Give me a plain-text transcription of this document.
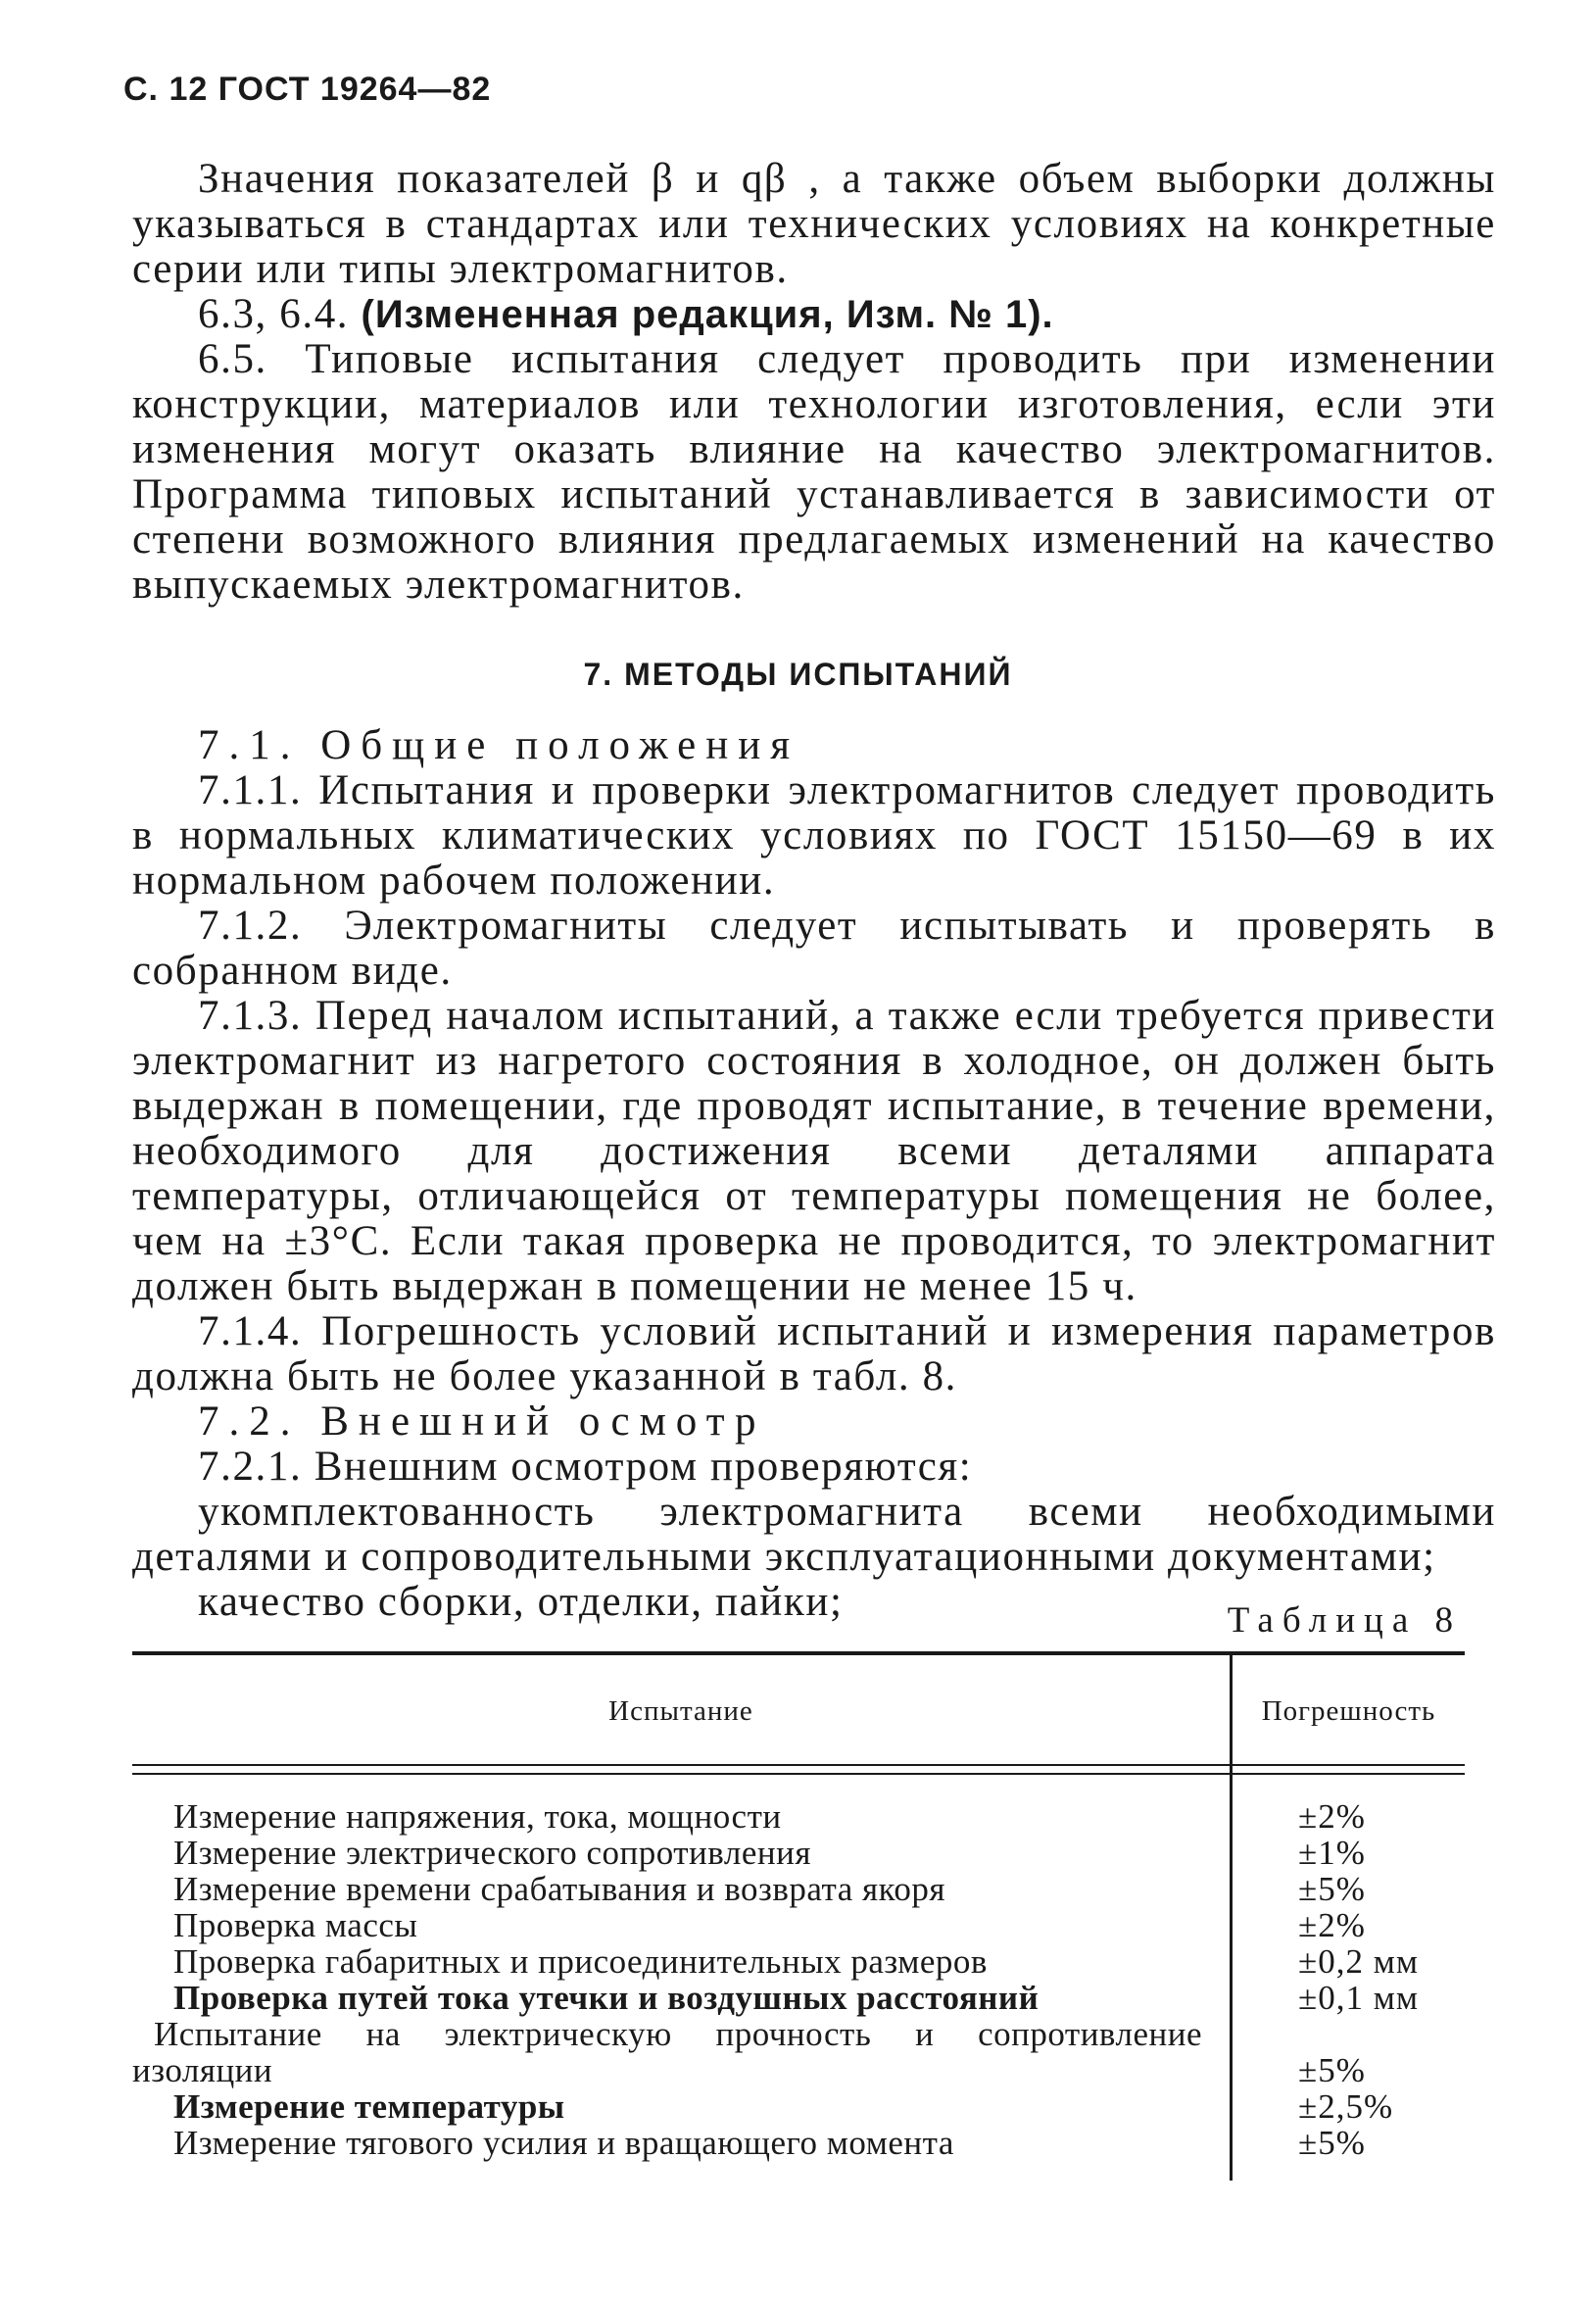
С. 12 ГОСТ 19264—82

Значения показателей β и qβ , а также объем выборки должны указываться в стандартах или технических условиях на конкретные серии или типы электромагнитов.

6.3, 6.4. (Измененная редакция, Изм. № 1).

6.5. Типовые испытания следует проводить при изменении конструкции, материалов или технологии изготовления, если эти изменения могут оказать влияние на качество электромагнитов. Программа типовых испытаний устанавливается в зависимости от степени возможного влияния предлагаемых изменений на качество выпускаемых электромагнитов.

7. МЕТОДЫ ИСПЫТАНИЙ

7.1. Общие положения

7.1.1. Испытания и проверки электромагнитов следует проводить в нормальных климатических условиях по ГОСТ 15150—69 в их нормальном рабочем положении.

7.1.2. Электромагниты следует испытывать и проверять в собранном виде.

7.1.3. Перед началом испытаний, а также если требуется привести электромагнит из нагретого состояния в холодное, он должен быть выдержан в помещении, где проводят испытание, в течение времени, необходимого для достижения всеми деталями аппарата температуры, отличающейся от температуры помещения не более, чем на ±3°С. Если такая проверка не проводится, то электромагнит должен быть выдержан в помещении не менее 15 ч.

7.1.4. Погрешность условий испытаний и измерения параметров должна быть не более указанной в табл. 8.

7.2. Внешний осмотр

7.2.1. Внешним осмотром проверяются:

укомплектованность электромагнита всеми необходимыми деталями и сопроводительными эксплуатационными документами;

качество сборки, отделки, пайки;	Таблица 8
Испытание	Погрешность
Измерение напряжения, тока, мощности	±2%
Измерение электрического сопротивления	±1%
Измерение времени срабатывания и возврата якоря	±5%
Проверка массы	±2%
Проверка габаритных и присоединительных размеров	±0,2 мм
Проверка путей тока утечки и воздушных расстояний	±0,1 мм
Испытание на электрическую прочность и сопротивление
изоляции	±5%
Измерение температуры	±2,5%
Измерение тягового усилия и вращающего момента	±5%
